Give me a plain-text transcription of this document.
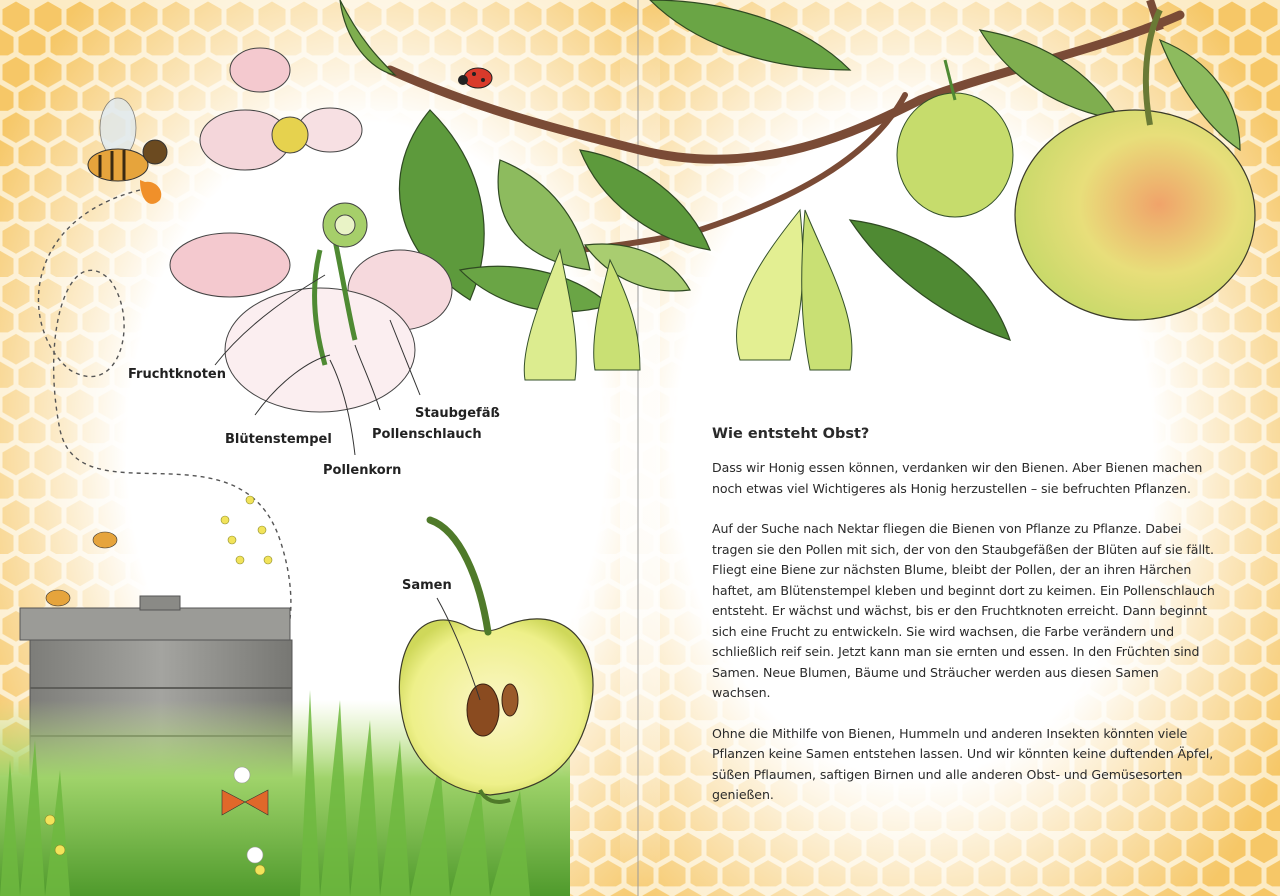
Fruchtknoten
Blütenstempel
Pollenkorn
Staubgefäß
Pollenschlauch
Samen
Wie entsteht Obst?

Dass wir Honig essen können, verdanken wir den Bienen. Aber Bienen machen noch etwas viel Wichtigeres als Honig herzustellen – sie befruchten Pflanzen.

Auf der Suche nach Nektar fliegen die Bienen von Pflanze zu Pflanze. Dabei tragen sie den Pollen mit sich, der von den Staubgefäßen der Blüten auf sie fällt. Fliegt eine Biene zur nächsten Blume, bleibt der Pollen, der an ihren Härchen haftet, am Blütenstempel kleben und beginnt dort zu keimen. Ein Pollenschlauch entsteht. Er wächst und wächst, bis er den Fruchtknoten erreicht. Dann beginnt sich eine Frucht zu entwickeln. Sie wird wachsen, die Farbe verändern und schließlich reif sein. Jetzt kann man sie ernten und essen. In den Früchten sind Samen. Neue Blumen, Bäume und Sträucher werden aus diesen Samen wachsen.

Ohne die Mithilfe von Bienen, Hummeln und anderen Insekten könnten viele Pflanzen keine Samen entstehen lassen. Und wir könnten keine duftenden Äpfel, süßen Pflaumen, saftigen Birnen und alle anderen Obst- und Gemüsesorten genießen.
